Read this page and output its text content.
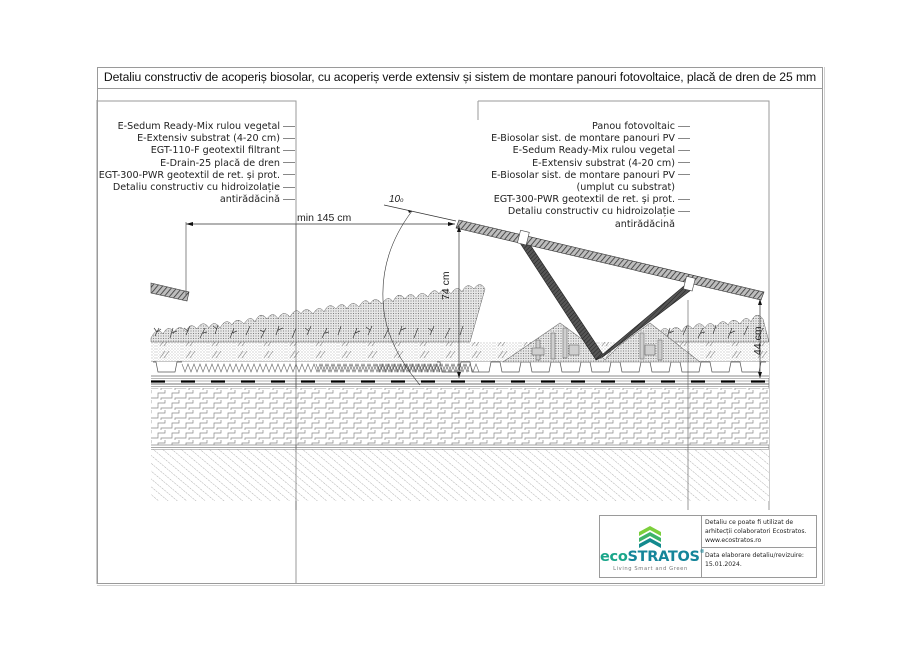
Detaliu constructiv de acoperiș biosolar, cu acoperiș verde extensiv și sistem de montare panouri fotovoltaice, placă de dren de 25 mm
E-Sedum Ready-Mix rulou vegetal
E-Extensiv substrat (4-20 cm)
EGT-110-F geotextil filtrant
E-Drain-25 placă de dren
EGT-300-PWR geotextil de ret. și prot.
Detaliu constructiv cu hidroizolație
antirădăcină
Panou fotovoltaic
E-Biosolar sist. de montare panouri PV
E-Sedum Ready-Mix rulou vegetal
E-Extensiv substrat (4-20 cm)
E-Biosolar sist. de montare panouri PV
(umplut cu substrat)
EGT-300-PWR geotextil de ret. și prot.
Detaliu constructiv cu hidroizolație
antirădăcină
min 145 cm
10o
74 cm
44 cm
ecoSTRATOS®
Living Smart and Green
Detaliu ce poate fi utilizat de
arhitecții colaboratori Ecostratos.
www.ecostratos.ro
Data elaborare detaliu/revizuire:
15.01.2024.
